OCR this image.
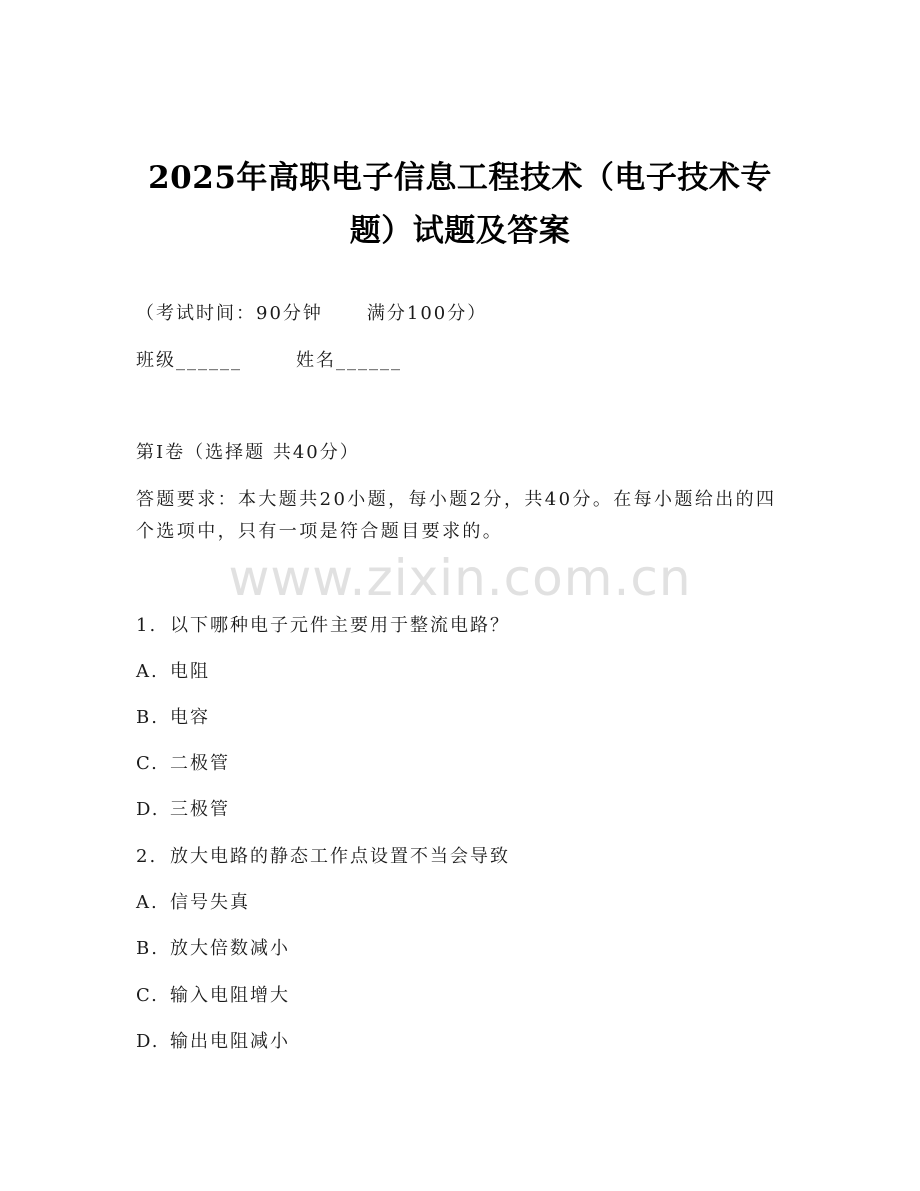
2025年高职电子信息工程技术（电子技术专
题）试题及答案
（考试时间：90分钟 满分100分）
班级______	姓名______
第Ⅰ卷（选择题 共40分）
答题要求：本大题共20小题，每小题2分，共40分。在每小题给出的四个选项中，只有一项是符合题目要求的。
www.zixin.com.cn
1. 以下哪种电子元件主要用于整流电路？
A. 电阻
B. 电容
C. 二极管
D. 三极管
2. 放大电路的静态工作点设置不当会导致
A. 信号失真
B. 放大倍数减小
C. 输入电阻增大
D. 输出电阻减小
